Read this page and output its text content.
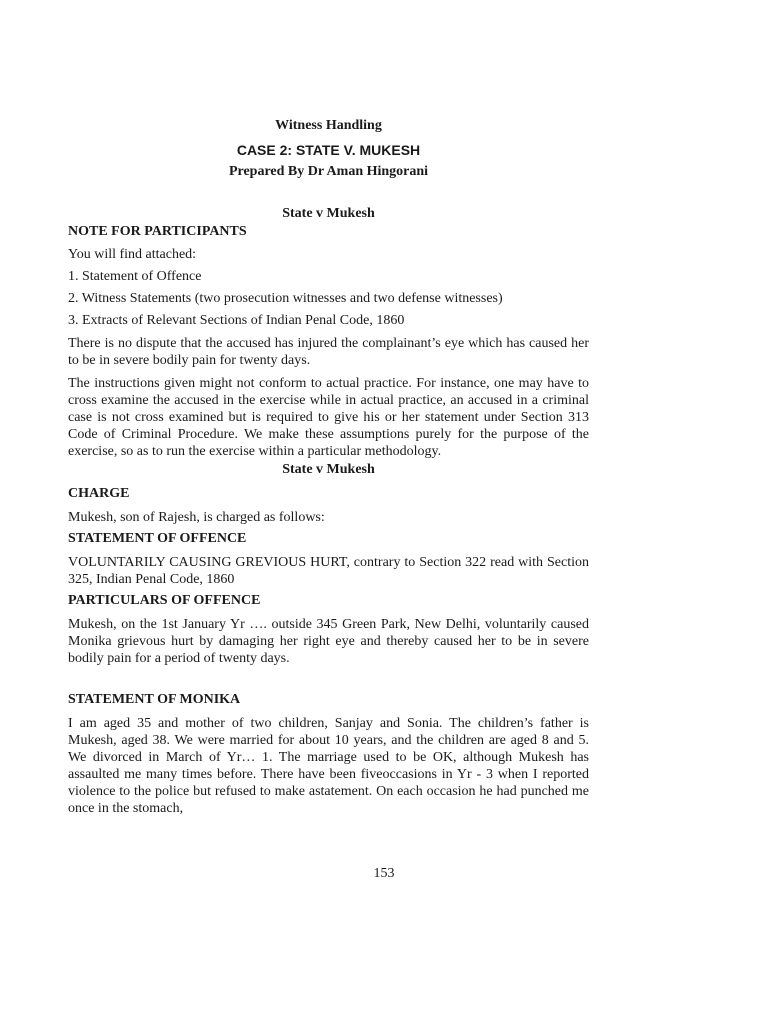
Witness Handling
CASE 2: STATE V. MUKESH
Prepared By Dr Aman Hingorani
State v Mukesh
NOTE FOR PARTICIPANTS

You will find attached:

1. Statement of Offence

2. Witness Statements (two prosecution witnesses and two defense witnesses)

3. Extracts of Relevant Sections of Indian Penal Code, 1860

There is no dispute that the accused has injured the complainant’s eye which has caused her to be in severe bodily pain for twenty days.

The instructions given might not conform to actual practice. For instance, one may have to cross examine the accused in the exercise while in actual practice, an accused in a criminal case is not cross examined but is required to give his or her statement under Section 313 Code of Criminal Procedure. We make these assumptions purely for the purpose of the exercise, so as to run the exercise within a particular methodology.

State v Mukesh
CHARGE

Mukesh, son of Rajesh, is charged as follows:

STATEMENT OF OFFENCE

VOLUNTARILY CAUSING GREVIOUS HURT, contrary to Section 322 read with Section 325, Indian Penal Code, 1860

PARTICULARS OF OFFENCE

Mukesh, on the 1st January Yr …. outside 345 Green Park, New Delhi, voluntarily caused Monika grievous hurt by damaging her right eye and thereby caused her to be in severe bodily pain for a period of twenty days.

STATEMENT OF MONIKA

I am aged 35 and mother of two children, Sanjay and Sonia. The children’s father is Mukesh, aged 38. We were married for about 10 years, and the children are aged 8 and 5. We divorced in March of Yr… 1. The marriage used to be OK, although Mukesh has assaulted me many times before. There have been fiveoccasions in Yr - 3 when I reported violence to the police but refused to make astatement. On each occasion he had punched me once in the stomach,

153
